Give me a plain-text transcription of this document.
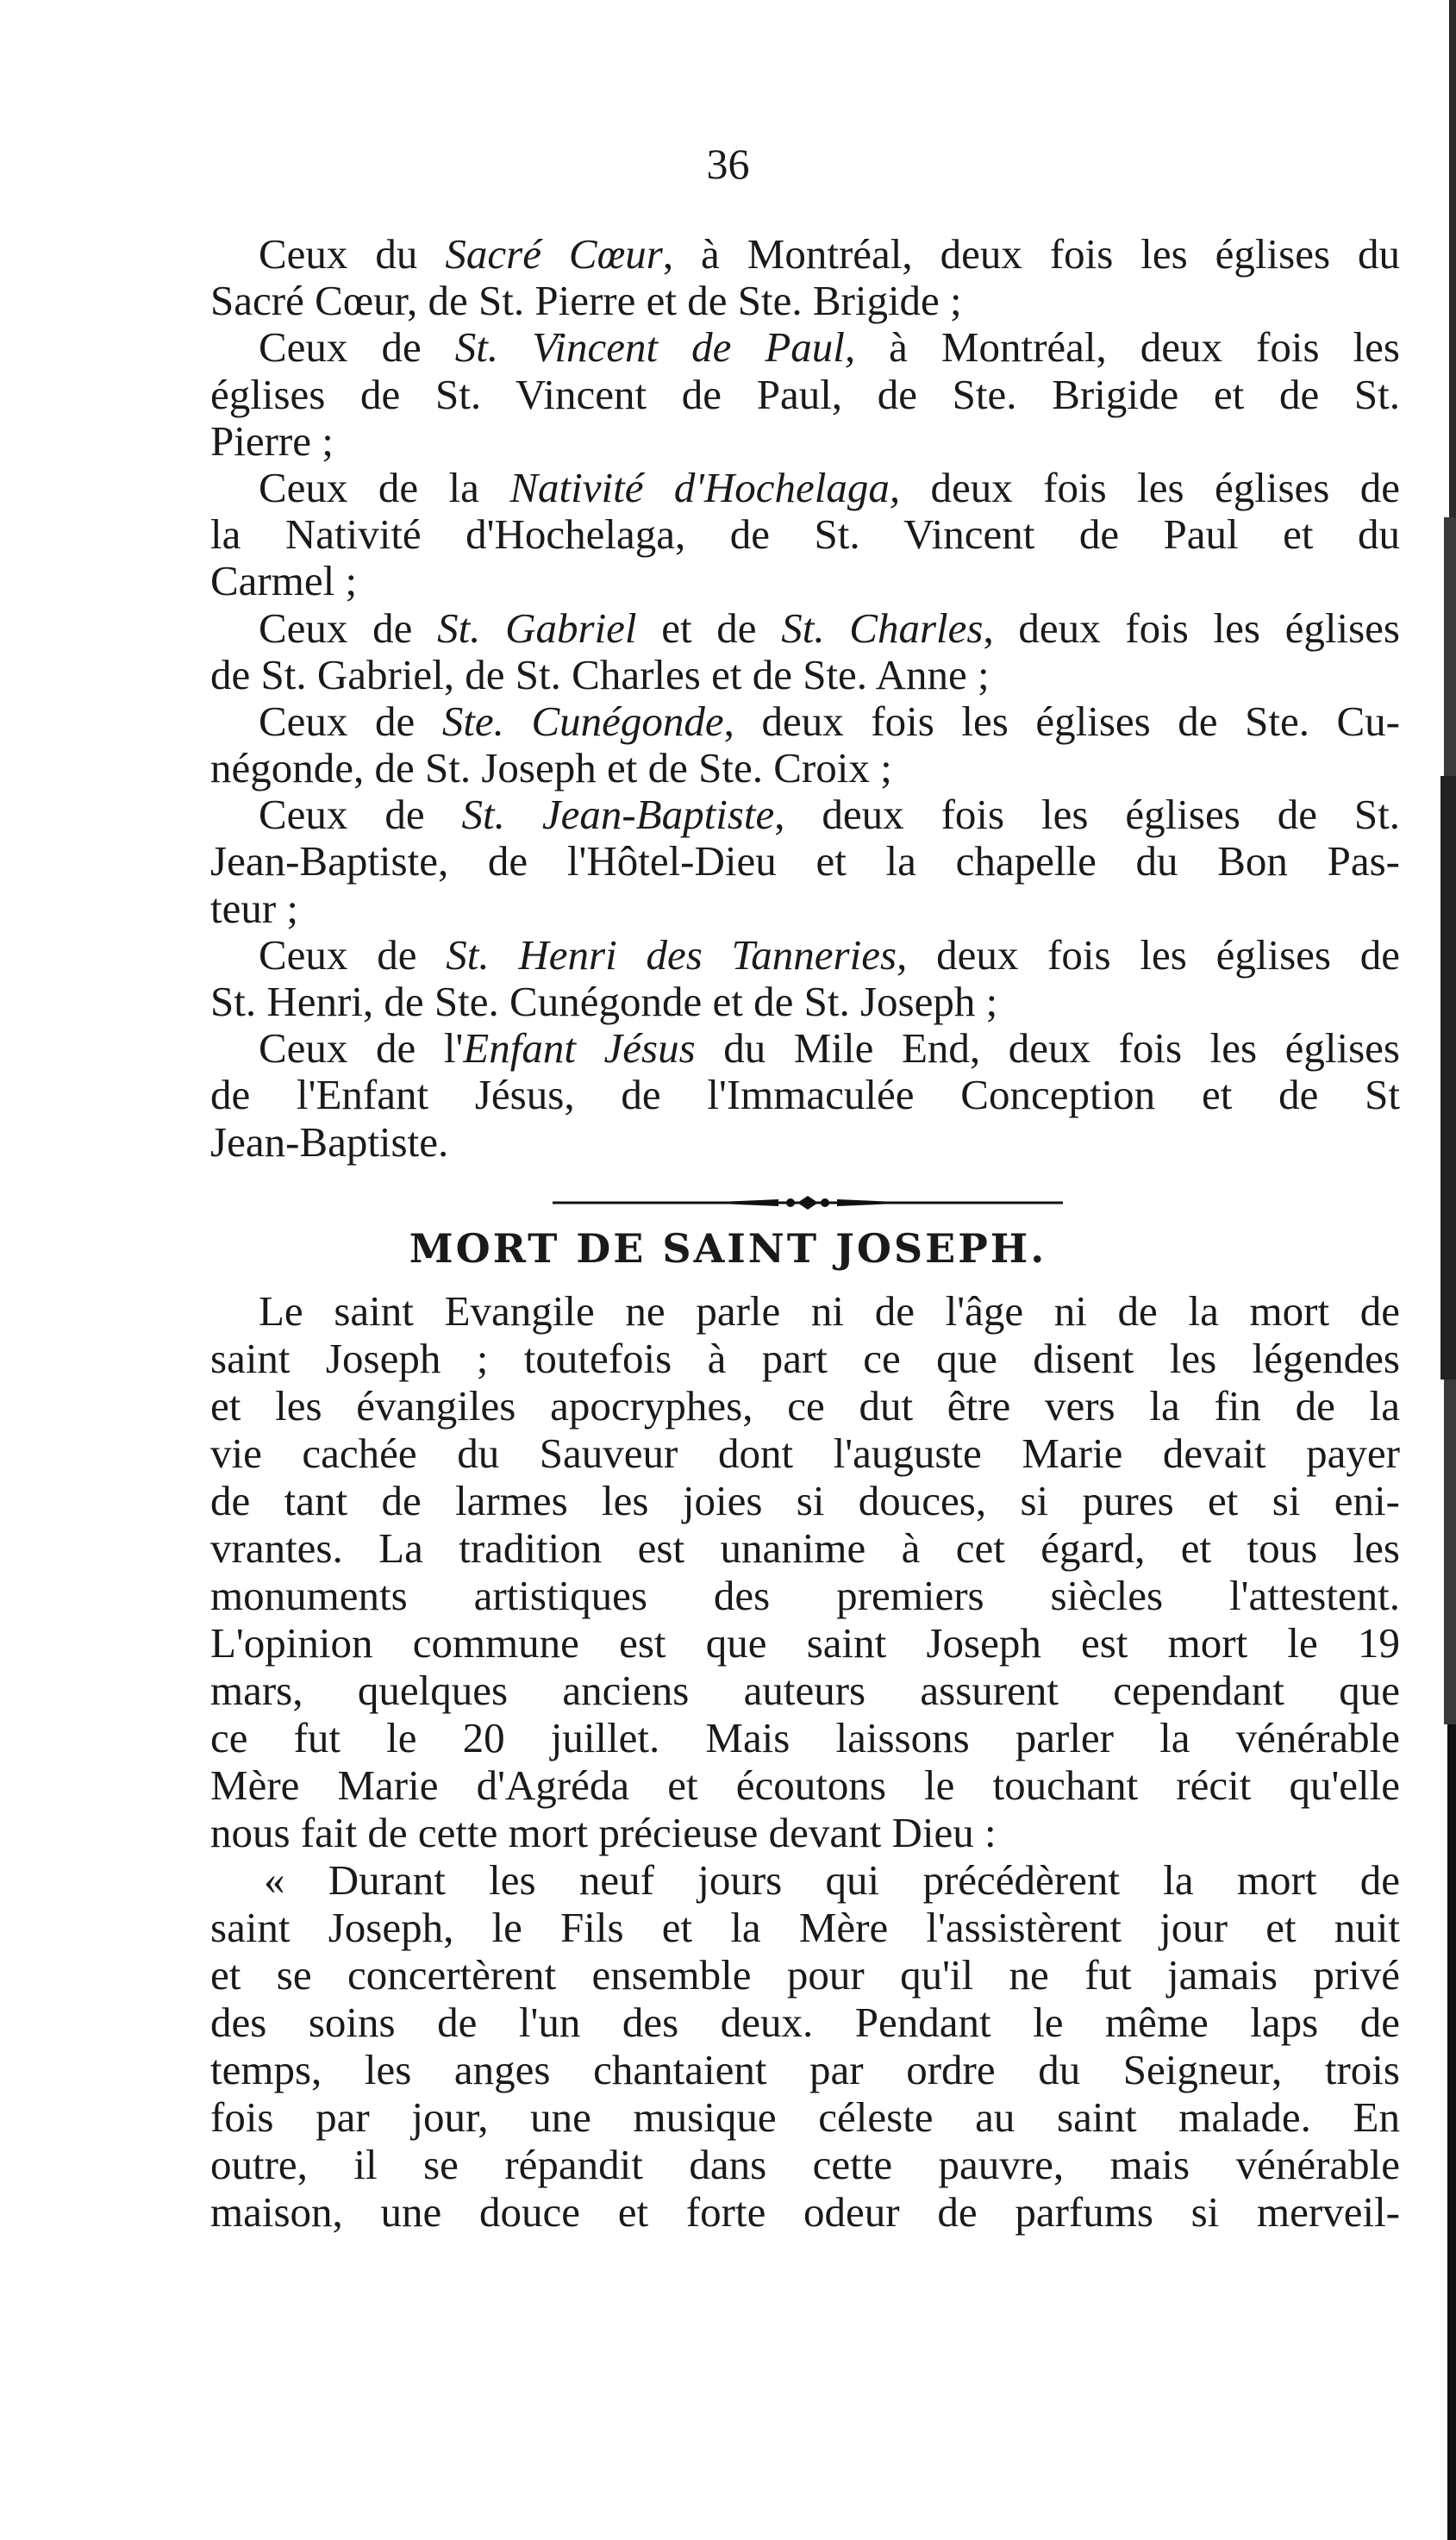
36
Ceux du Sacré Cœur, à Montréal, deux fois les églises du
Sacré Cœur, de St. Pierre et de Ste. Brigide ;
Ceux de St. Vincent de Paul, à Montréal, deux fois les
églises de St. Vincent de Paul, de Ste. Brigide et de St.
Pierre ;
Ceux de la Nativité d'Hochelaga, deux fois les églises de
la Nativité d'Hochelaga, de St. Vincent de Paul et du
Carmel ;
Ceux de St. Gabriel et de St. Charles, deux fois les églises
de St. Gabriel, de St. Charles et de Ste. Anne ;
Ceux de Ste. Cunégonde, deux fois les églises de Ste. Cu-
négonde, de St. Joseph et de Ste. Croix ;
Ceux de St. Jean-Baptiste, deux fois les églises de St.
Jean-Baptiste, de l'Hôtel-Dieu et la chapelle du Bon Pas-
teur ;
Ceux de St. Henri des Tanneries, deux fois les églises de
St. Henri, de Ste. Cunégonde et de St. Joseph ;
Ceux de l'Enfant Jésus du Mile End, deux fois les églises
de l'Enfant Jésus, de l'Immaculée Conception et de St
Jean-Baptiste.
MORT DE SAINT JOSEPH.
Le saint Evangile ne parle ni de l'âge ni de la mort de
saint Joseph ; toutefois à part ce que disent les légendes
et les évangiles apocryphes, ce dut être vers la fin de la
vie cachée du Sauveur dont l'auguste Marie devait payer
de tant de larmes les joies si douces, si pures et si eni-
vrantes. La tradition est unanime à cet égard, et tous les
monuments artistiques des premiers siècles l'attestent.
L'opinion commune est que saint Joseph est mort le 19
mars, quelques anciens auteurs assurent cependant que
ce fut le 20 juillet. Mais laissons parler la vénérable
Mère Marie d'Agréda et écoutons le touchant récit qu'elle
nous fait de cette mort précieuse devant Dieu :
« Durant les neuf jours qui précédèrent la mort de
saint Joseph, le Fils et la Mère l'assistèrent jour et nuit
et se concertèrent ensemble pour qu'il ne fut jamais privé
des soins de l'un des deux. Pendant le même laps de
temps, les anges chantaient par ordre du Seigneur, trois
fois par jour, une musique céleste au saint malade. En
outre, il se répandit dans cette pauvre, mais vénérable
maison, une douce et forte odeur de parfums si merveil-
